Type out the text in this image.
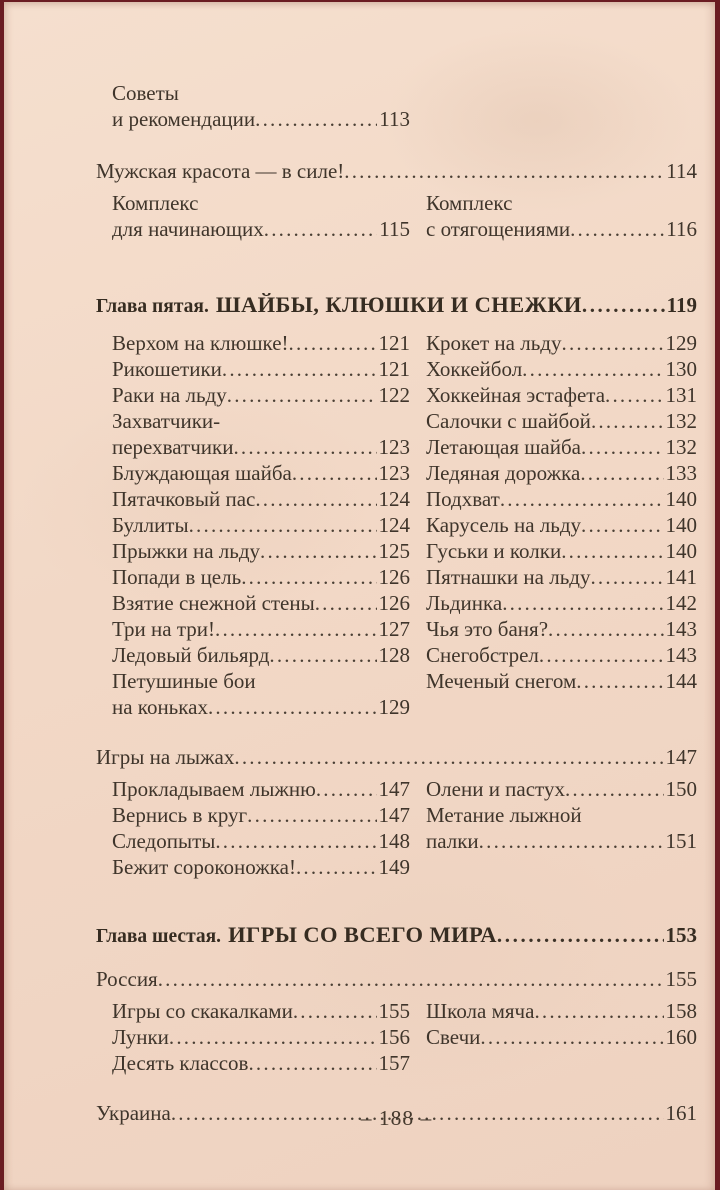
Советы
и рекомендации .....	113
Мужская красота — в силе! .....	114
Комплекс
для начинающих .....	115
Комплекс
с отягощениями .....	116
Глава пятая. ШАЙБЫ, КЛЮШКИ И СНЕЖКИ .....	119
Верхом на клюшке! .....	121
Рикошетики .....	121
Раки на льду .....	122
Захватчики-
перехватчики .....	123
Блуждающая шайба .....	123
Пятачковый пас .....	124
Буллиты .....	124
Прыжки на льду .....	125
Попади в цель .....	126
Взятие снежной стены .....	126
Три на три! .....	127
Ледовый бильярд .....	128
Петушиные бои
на коньках .....	129
Крокет на льду .....	129
Хоккейбол .....	130
Хоккейная эстафета .....	131
Салочки с шайбой .....	132
Летающая шайба .....	132
Ледяная дорожка .....	133
Подхват .....	140
Карусель на льду .....	140
Гуськи и колки .....	140
Пятнашки на льду .....	141
Льдинка .....	142
Чья это баня? .....	143
Снегобстрел .....	143
Меченый снегом .....	144
Игры на лыжах .....	147
Прокладываем лыжню .....	147
Вернись в круг .....	147
Следопыты .....	148
Бежит сороконожка! .....	149
Олени и пастух .....	150
Метание лыжной
палки .....	151
Глава шестая. ИГРЫ СО ВСЕГО МИРА .....	153
Россия .....	155
Игры со скакалками .....	155
Лунки .....	156
Десять классов .....	157
Школа мяча .....	158
Свечи .....	160
Украина .....	161
– 188 –
